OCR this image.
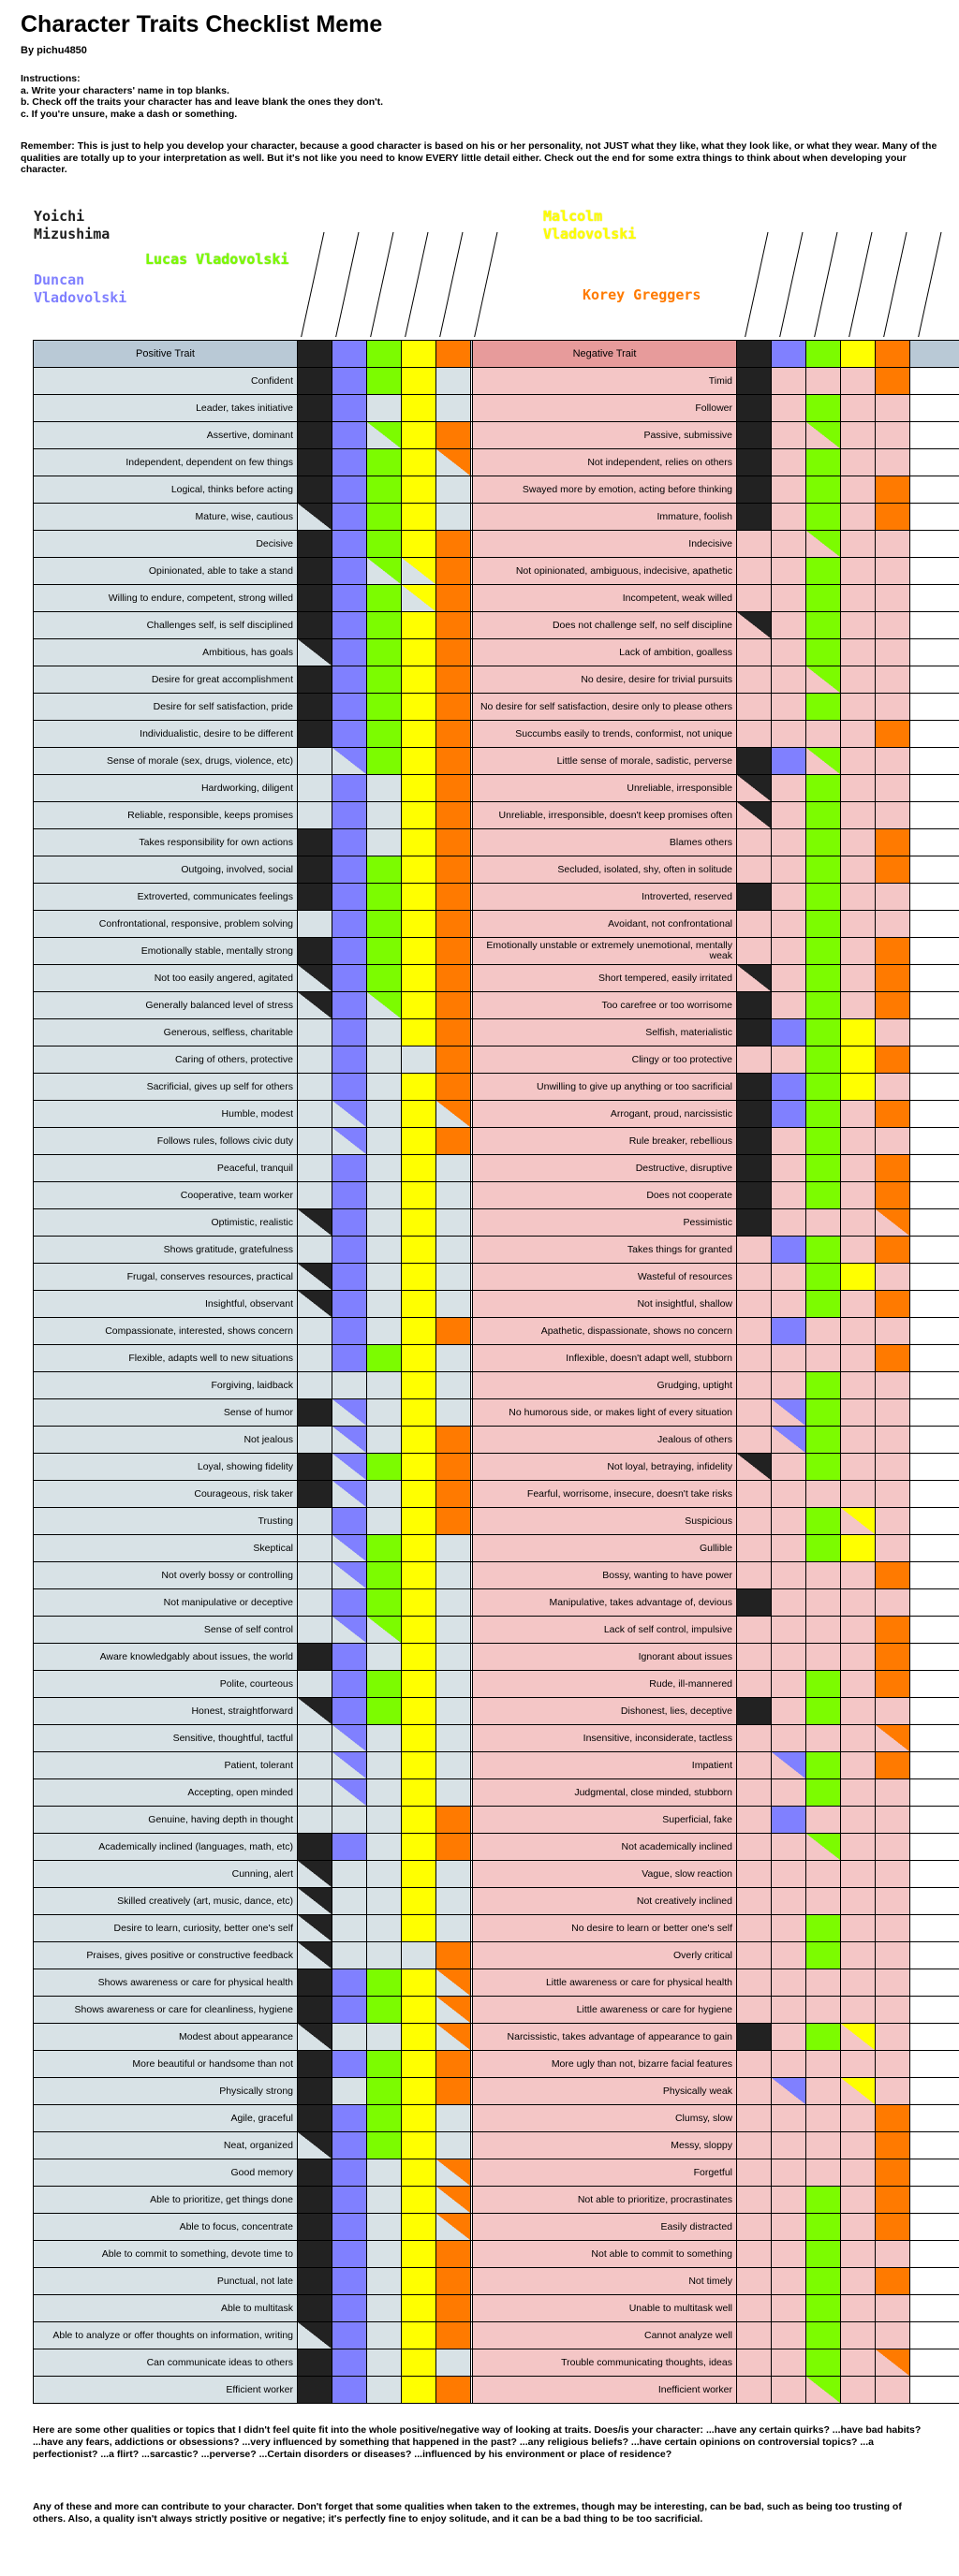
Character Traits Checklist Meme
By pichu4850
Instructions:
a. Write your characters' name in top blanks.
b. Check off the traits your character has and leave blank the ones they don't.
c. If you're unsure, make a dash or something.
Remember: This is just to help you develop your character, because a good character is based on his or her personality, not JUST what they like, what they look like, or what they wear. Many of the qualities are totally up to your interpretation as well. But it's not like you need to know EVERY little detail either. Check out the end for some extra things to think about when developing your character.
Yoichi Mizushima
Malcolm Vladovolski
Lucas Vladovolski
Duncan Vladovolski	Korey Greggers
Positive Trait	Negative Trait
Confident	Timid
Leader, takes initiative	Follower
Assertive, dominant	Passive, submissive
Independent, dependent on few things	Not independent, relies on others
Logical, thinks before acting	Swayed more by emotion, acting before thinking
Mature, wise, cautious	Immature, foolish
Decisive	Indecisive
Opinionated, able to take a stand	Not opinionated, ambiguous, indecisive, apathetic
Willing to endure, competent, strong willed	Incompetent, weak willed
Challenges self, is self disciplined	Does not challenge self, no self discipline
Ambitious, has goals	Lack of ambition, goalless
Desire for great accomplishment	No desire, desire for trivial pursuits
Desire for self satisfaction, pride	No desire for self satisfaction, desire only to please others
Individualistic, desire to be different	Succumbs easily to trends, conformist, not unique
Sense of morale (sex, drugs, violence, etc)	Little sense of morale, sadistic, perverse
Hardworking, diligent	Unreliable, irresponsible
Reliable, responsible, keeps promises	Unreliable, irresponsible, doesn't keep promises often
Takes responsibility for own actions	Blames others
Outgoing, involved, social	Secluded, isolated, shy, often in solitude
Extroverted, communicates feelings	Introverted, reserved
Confrontational, responsive, problem solving	Avoidant, not confrontational
Emotionally stable, mentally strong	Emotionally unstable or extremely unemotional, mentally weak
Not too easily angered, agitated	Short tempered, easily irritated
Generally balanced level of stress	Too carefree or too worrisome
Generous, selfless, charitable	Selfish, materialistic
Caring of others, protective	Clingy or too protective
Sacrificial, gives up self for others	Unwilling to give up anything or too sacrificial
Humble, modest	Arrogant, proud, narcissistic
Follows rules, follows civic duty	Rule breaker, rebellious
Peaceful, tranquil	Destructive, disruptive
Cooperative, team worker	Does not cooperate
Optimistic, realistic	Pessimistic
Shows gratitude, gratefulness	Takes things for granted
Frugal, conserves resources, practical	Wasteful of resources
Insightful, observant	Not insightful, shallow
Compassionate, interested, shows concern	Apathetic, dispassionate, shows no concern
Flexible, adapts well to new situations	Inflexible, doesn't adapt well, stubborn
Forgiving, laidback	Grudging, uptight
Sense of humor	No humorous side, or makes light of every situation
Not jealous	Jealous of others
Loyal, showing fidelity	Not loyal, betraying, infidelity
Courageous, risk taker	Fearful, worrisome, insecure, doesn't take risks
Trusting	Suspicious
Skeptical	Gullible
Not overly bossy or controlling	Bossy, wanting to have power
Not manipulative or deceptive	Manipulative, takes advantage of, devious
Sense of self control	Lack of self control, impulsive
Aware knowledgably about issues, the world	Ignorant about issues
Polite, courteous	Rude, ill-mannered
Honest, straightforward	Dishonest, lies, deceptive
Sensitive, thoughtful, tactful	Insensitive, inconsiderate, tactless
Patient, tolerant	Impatient
Accepting, open minded	Judgmental, close minded, stubborn
Genuine, having depth in thought	Superficial, fake
Academically inclined (languages, math, etc)	Not academically inclined
Cunning, alert	Vague, slow reaction
Skilled creatively (art, music, dance, etc)	Not creatively inclined
Desire to learn, curiosity, better one's self	No desire to learn or better one's self
Praises, gives positive or constructive feedback	Overly critical
Shows awareness or care for physical health	Little awareness or care for physical health
Shows awareness or care for cleanliness, hygiene	Little awareness or care for hygiene
Modest about appearance	Narcissistic, takes advantage of appearance to gain
More beautiful or handsome than not	More ugly than not, bizarre facial features
Physically strong	Physically weak
Agile, graceful	Clumsy, slow
Neat, organized	Messy, sloppy
Good memory	Forgetful
Able to prioritize, get things done	Not able to prioritize, procrastinates
Able to focus, concentrate	Easily distracted
Able to commit to something, devote time to	Not able to commit to something
Punctual, not late	Not timely
Able to multitask	Unable to multitask well
Able to analyze or offer thoughts on information, writing	Cannot analyze well
Can communicate ideas to others	Trouble communicating thoughts, ideas
Efficient worker	Inefficient worker
Here are some other qualities or topics that I didn't feel quite fit into the whole positive/negative way of looking at traits. Does/is your character: ...have any certain quirks? ...have bad habits? ...have any fears, addictions or obsessions? ...very influenced by something that happened in the past? ...any religious beliefs? ...have certain opinions on controversial topics? ...a perfectionist? ...a flirt? ...sarcastic? ...perverse? ...Certain disorders or diseases? ...influenced by his environment or place of residence?
Any of these and more can contribute to your character. Don't forget that some qualities when taken to the extremes, though may be interesting, can be bad, such as being too trusting of others. Also, a quality isn't always strictly positive or negative; it's perfectly fine to enjoy solitude, and it can be a bad thing to be too sacrificial.
